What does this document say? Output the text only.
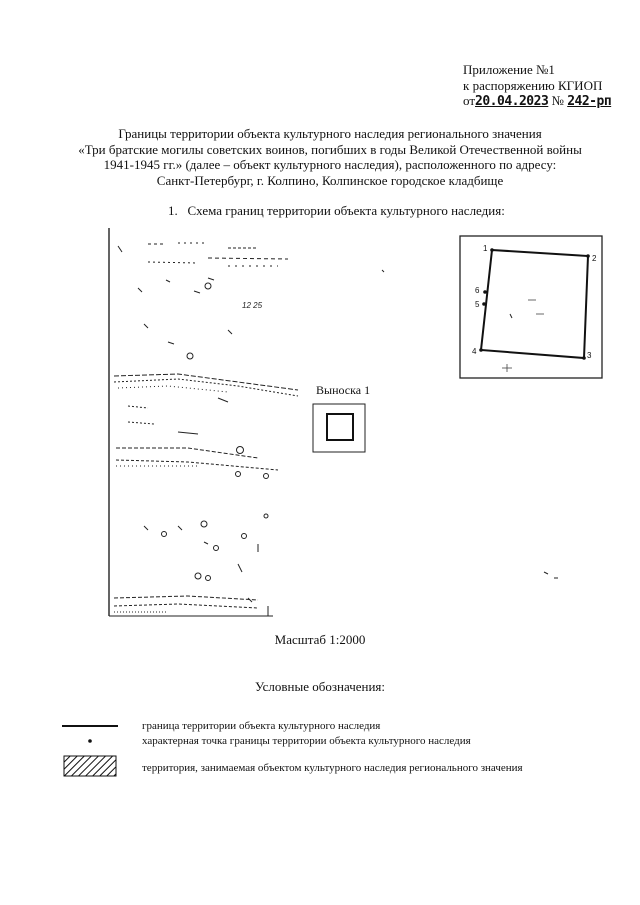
Приложение №1
к распоряжению КГИОП
от20.04.2023 № 242-рп
Границы территории объекта культурного наследия регионального значения
«Три братские могилы советских воинов, погибших в годы Великой Отечественной войны
1941-1945 гг.» (далее – объект культурного наследия), расположенного по адресу:
Санкт-Петербург, г. Колпино, Колпинское городское кладбище
1. Схема границ территории объекта культурного наследия:
12 25
Выноска 1
1
2
3
4
5
6
Масштаб 1:2000
Условные обозначения:
граница территории объекта культурного наследия
характерная точка границы территории объекта культурного наследия
территория, занимаемая объектом культурного наследия регионального значения
